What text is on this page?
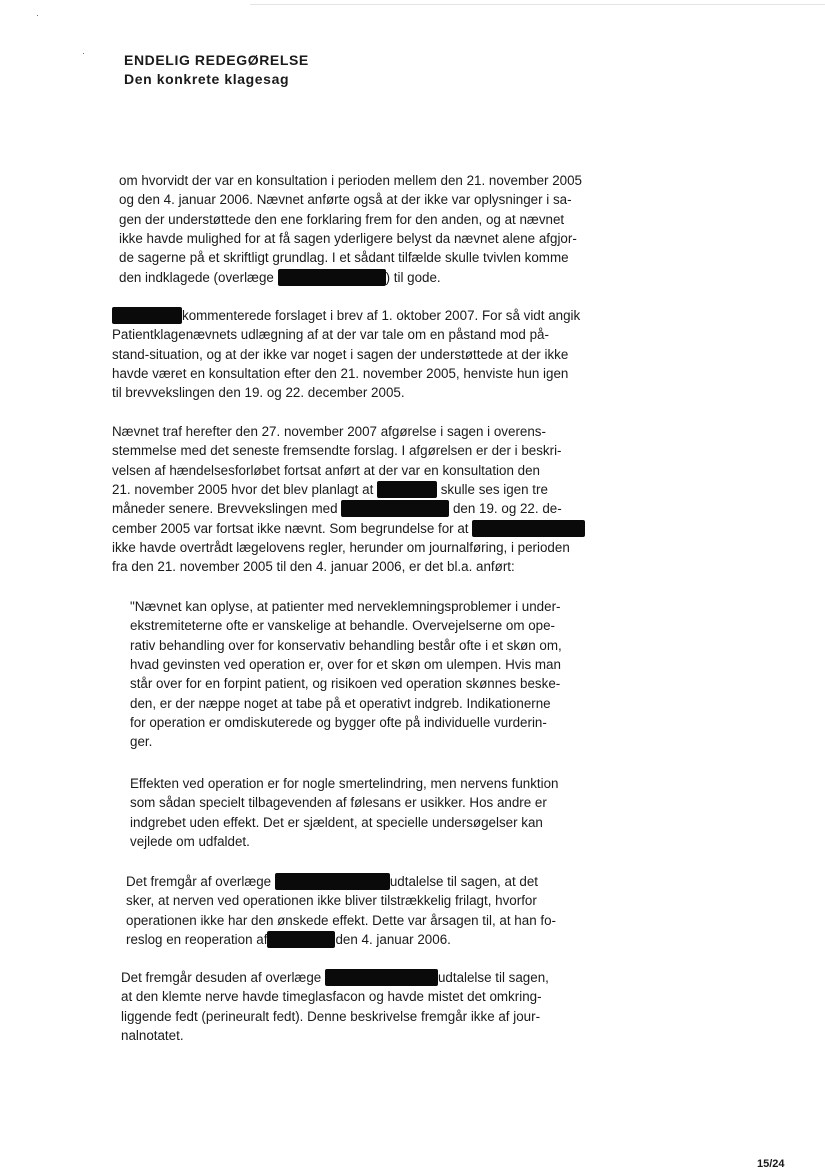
·
·	ENDELIG REDEGØRELSE
Den konkrete klagesag
om hvorvidt der var en konsultation i perioden mellem den 21. november 2005
og den 4. januar 2006. Nævnet anførte også at der ikke var oplysninger i sa-
gen der understøttede den ene forklaring frem for den anden, og at nævnet
ikke havde mulighed for at få sagen yderligere belyst da nævnet alene afgjor-
de sagerne på et skriftligt grundlag. I et sådant tilfælde skulle tvivlen komme
den indklagede (overlæge	) til gode.
kommenterede forslaget i brev af 1. oktober 2007. For så vidt angik
Patientklagenævnets udlægning af at der var tale om en påstand mod på-
stand-situation, og at der ikke var noget i sagen der understøttede at der ikke
havde været en konsultation efter den 21. november 2005, henviste hun igen
til brevvekslingen den 19. og 22. december 2005.
Nævnet traf herefter den 27. november 2007 afgørelse i sagen i overens-
stemmelse med det seneste fremsendte forslag. I afgørelsen er der i beskri-
velsen af hændelsesforløbet fortsat anført at der var en konsultation den
21. november 2005 hvor det blev planlagt at	skulle ses igen tre
måneder senere. Brevvekslingen med	den 19. og 22. de-
cember 2005 var fortsat ikke nævnt. Som begrundelse for at
ikke havde overtrådt lægelovens regler, herunder om journalføring, i perioden
fra den 21. november 2005 til den 4. januar 2006, er det bl.a. anført:
"Nævnet kan oplyse, at patienter med nerveklemningsproblemer i under-
ekstremiteterne ofte er vanskelige at behandle. Overvejelserne om ope-
rativ behandling over for konservativ behandling består ofte i et skøn om,
hvad gevinsten ved operation er, over for et skøn om ulempen. Hvis man
står over for en forpint patient, og risikoen ved operation skønnes beske-
den, er der næppe noget at tabe på et operativt indgreb. Indikationerne
for operation er omdiskuterede og bygger ofte på individuelle vurderin-
ger.
Effekten ved operation er for nogle smertelindring, men nervens funktion
som sådan specielt tilbagevenden af følesans er usikker. Hos andre er
indgrebet uden effekt. Det er sjældent, at specielle undersøgelser kan
vejlede om udfaldet.
Det fremgår af overlæge	udtalelse til sagen, at det
sker, at nerven ved operationen ikke bliver tilstrækkelig frilagt, hvorfor
operationen ikke har den ønskede effekt. Dette var årsagen til, at han fo-
reslog en reoperation af	den 4. januar 2006.
Det fremgår desuden af overlæge	udtalelse til sagen,
at den klemte nerve havde timeglasfacon og havde mistet det omkring-
liggende fedt (perineuralt fedt). Denne beskrivelse fremgår ikke af jour-
nalnotatet.
15/24
